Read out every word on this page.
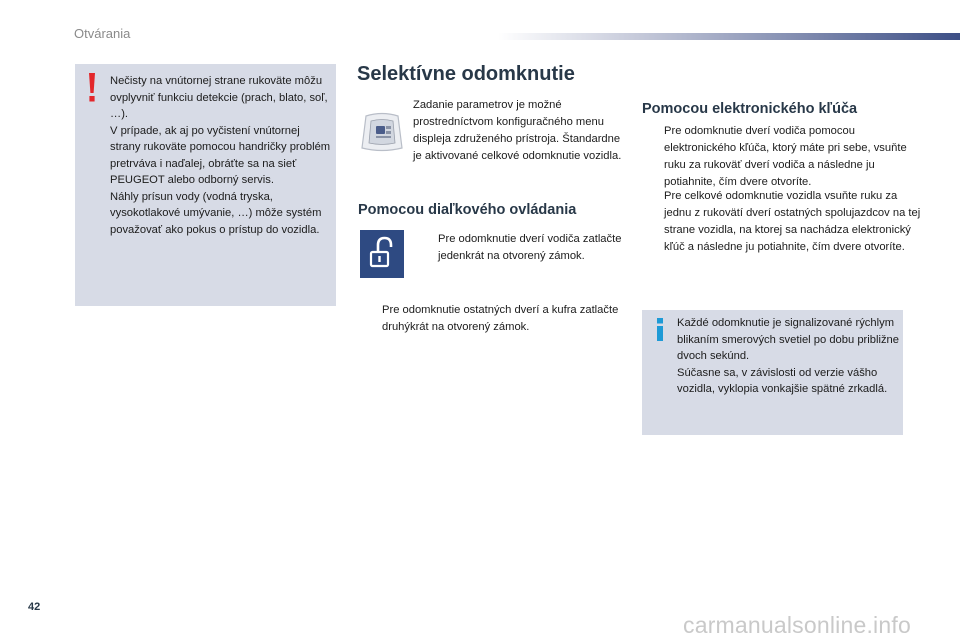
Otvárania

Nečisty na vnútornej strane rukoväte môžu ovplyvniť funkciu detekcie (prach, blato, soľ, …).

V prípade, ak aj po vyčistení vnútornej strany rukoväte pomocou handričky problém pretrváva i naďalej, obráťte sa na sieť PEUGEOT alebo odborný servis.

Náhly prísun vody (vodná tryska, vysokotlakové umývanie, …) môže systém považovať ako pokus o prístup do vozidla.

Selektívne odomknutie

Zadanie parametrov je možné prostredníctvom konfiguračného menu displeja združeného prístroja. Štandardne je aktivované celkové odomknutie vozidla.

Pomocou diaľkového ovládania

Pre odomknutie dverí vodiča zatlačte jedenkrát na otvorený zámok.

Pre odomknutie ostatných dverí a kufra zatlačte druhýkrát na otvorený zámok.

Pomocou elektronického kľúča

Pre odomknutie dverí vodiča pomocou elektronického kľúča, ktorý máte pri sebe, vsuňte ruku za rukoväť dverí vodiča a následne ju potiahnite, čím dvere otvoríte.

Pre celkové odomknutie vozidla vsuňte ruku za jednu z rukovätí dverí ostatných spolujazdcov na tej strane vozidla, na ktorej sa nachádza elektronický kľúč a následne ju potiahnite, čím dvere otvoríte.

Každé odomknutie je signalizované rýchlym blikaním smerových svetiel po dobu približne dvoch sekúnd.

Súčasne sa, v závislosti od verzie vášho vozidla, vyklopia vonkajšie spätné zrkadlá.

42
carmanualsonline.info
